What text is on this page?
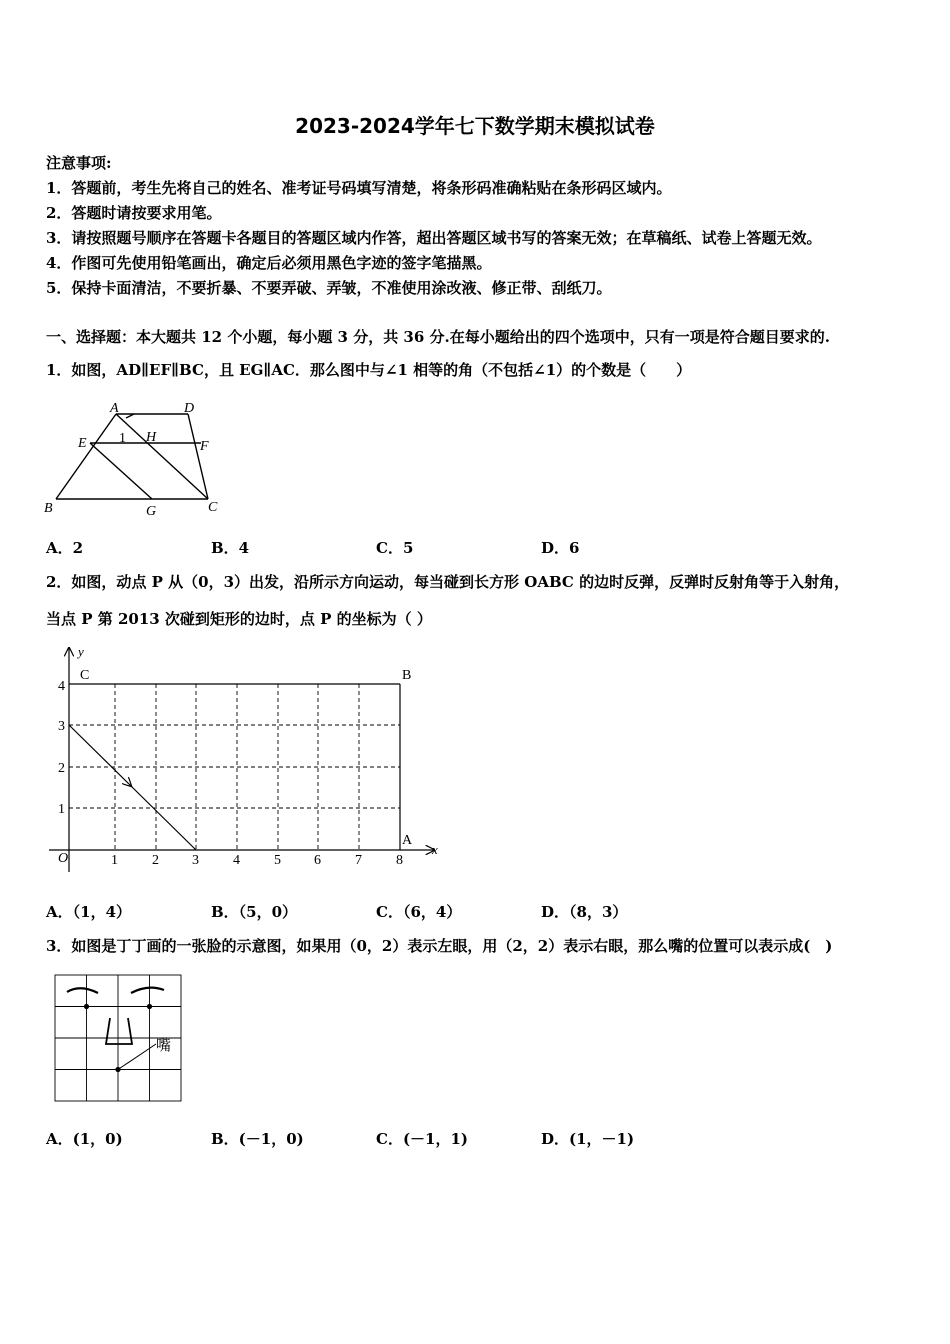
2023-2024学年七下数学期末模拟试卷
注意事项:
1．答题前，考生先将自己的姓名、准考证号码填写清楚，将条形码准确粘贴在条形码区域内。
2．答题时请按要求用笔。
3．请按照题号顺序在答题卡各题目的答题区域内作答，超出答题区域书写的答案无效；在草稿纸、试卷上答题无效。
4．作图可先使用铅笔画出，确定后必须用黑色字迹的签字笔描黑。
5．保持卡面清洁，不要折暴、不要弄破、弄皱，不准使用涂改液、修正带、刮纸刀。
一、选择题：本大题共 12 个小题，每小题 3 分，共 36 分.在每小题给出的四个选项中，只有一项是符合题目要求的.
1．如图，AD∥EF∥BC，且 EG∥AC．那么图中与∠1 相等的角（不包括∠1）的个数是（　　）
A	D
E 1 H
F
B	G	C
A．2	B．4	C．5	D．6
2．如图，动点 P 从（0，3）出发，沿所示方向运动，每当碰到长方形 OABC 的边时反弹，反弹时反射角等于入射角，
当点 P 第 2013 次碰到矩形的边时，点 P 的坐标为（ ）
y
x
O
C	B
A
1 2 3 4 5 6 7 8
1
2
3
4
A．（1，4）	B．（5，0）	C．（6，4）	D．（8，3）
3．如图是丁丁画的一张脸的示意图，如果用（0，2）表示左眼，用（2，2）表示右眼，那么嘴的位置可以表示成(　)
嘴
A．(1，0)	B．(－1，0)	C．(－1，1)	D．(1，－1)
